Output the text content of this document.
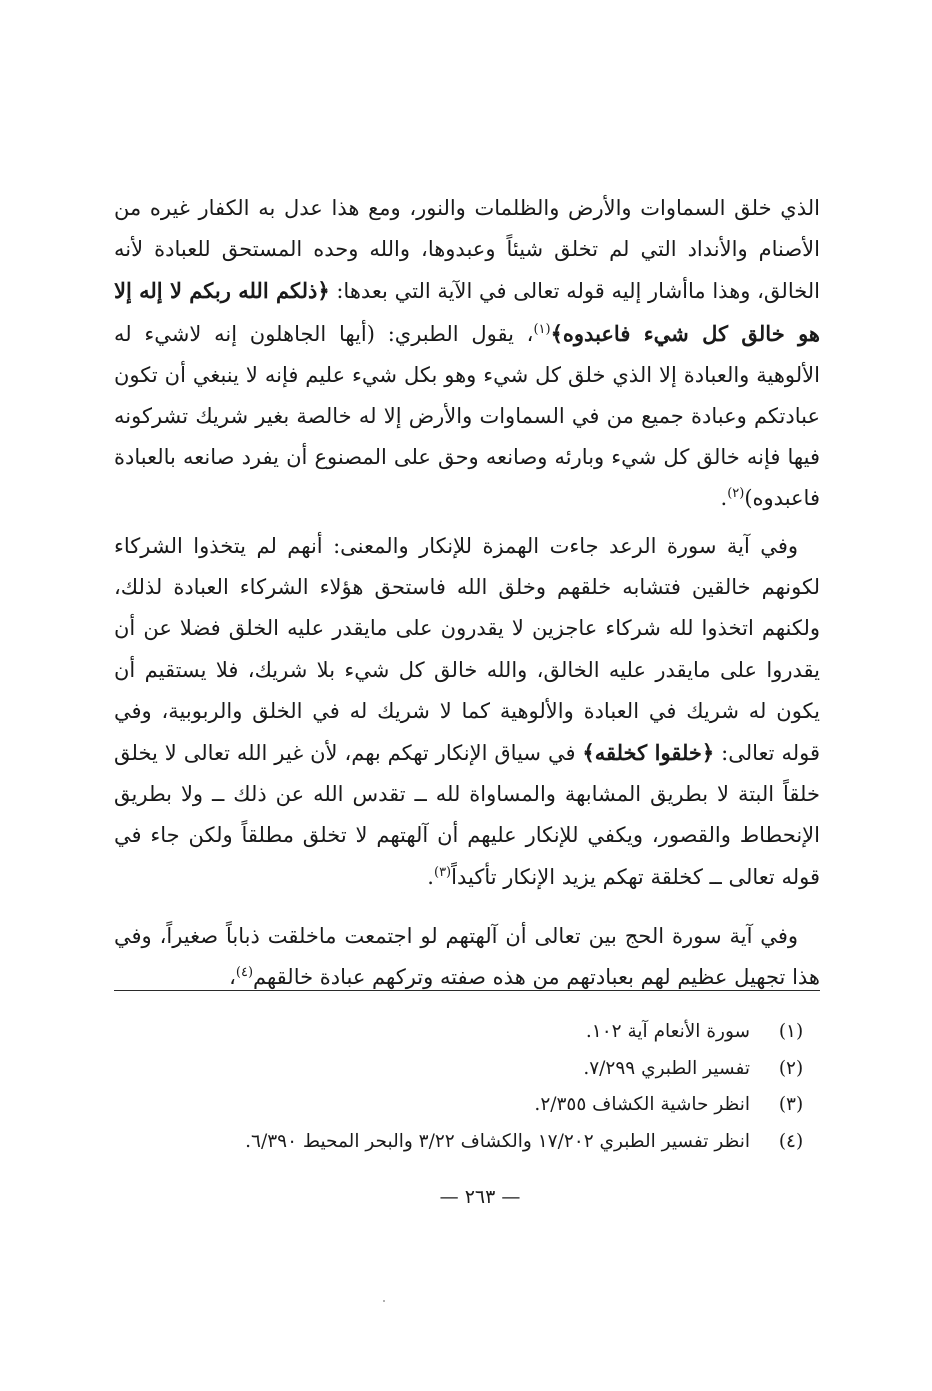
الذي خلق السماوات والأرض والظلمات والنور، ومع هذا عدل به الكفار غيره من الأصنام والأنداد التي لم تخلق شيئاً وعبدوها، والله وحده المستحق للعبادة لأنه الخالق، وهذا ماأشار إليه قوله تعالى في الآية التي بعدها: ﴿ذلكم الله ربكم لا إله إلا هو خالق كل شيء فاعبدوه﴾$^{(١)}$، يقول الطبري: (أيها الجاهلون إنه لاشيء له الألوهية والعبادة إلا الذي خلق كل شيء وهو بكل شيء عليم فإنه لا ينبغي أن تكون عبادتكم وعبادة جميع من في السماوات والأرض إلا له خالصة بغير شريك تشركونه فيها فإنه خالق كل شيء وبارئه وصانعه وحق على المصنوع أن يفرد صانعه بالعبادة فاعبدوه)$^{(٢)}$.

وفي آية سورة الرعد جاءت الهمزة للإنكار والمعنى: أنهم لم يتخذوا الشركاء لكونهم خالقين فتشابه خلقهم وخلق الله فاستحق هؤلاء الشركاء العبادة لذلك، ولكنهم اتخذوا لله شركاء عاجزين لا يقدرون على مايقدر عليه الخلق فضلا عن أن يقدروا على مايقدر عليه الخالق، والله خالق كل شيء بلا شريك، فلا يستقيم أن يكون له شريك في العبادة والألوهية كما لا شريك له في الخلق والربوبية، وفي قوله تعالى: ﴿خلقوا كخلقه﴾ في سياق الإنكار تهكم بهم، لأن غير الله تعالى لا يخلق خلقاً البتة لا بطريق المشابهة والمساواة لله ــ تقدس الله عن ذلك ــ ولا بطريق الإنحطاط والقصور، ويكفي للإنكار عليهم أن آلهتهم لا تخلق مطلقاً ولكن جاء في قوله تعالى ــ كخلقة تهكم يزيد الإنكار تأكيداً$^{(٣)}$.

وفي آية سورة الحج بين تعالى أن آلهتهم لو اجتمعت ماخلقت ذباباً صغيراً، وفي هذا تجهيل عظيم لهم بعبادتهم من هذه صفته وتركهم عبادة خالقهم$^{(٤)}$،

(١)
سورة الأنعام آية ١٠٢.
(٢)
تفسير الطبري ٧/٢٩٩.
(٣)
انظر حاشية الكشاف ٢/٣٥٥.
(٤)
انظر تفسير الطبري ١٧/٢٠٢ والكشاف ٣/٢٢ والبحر المحيط ٦/٣٩٠.
— ٢٦٣ —
